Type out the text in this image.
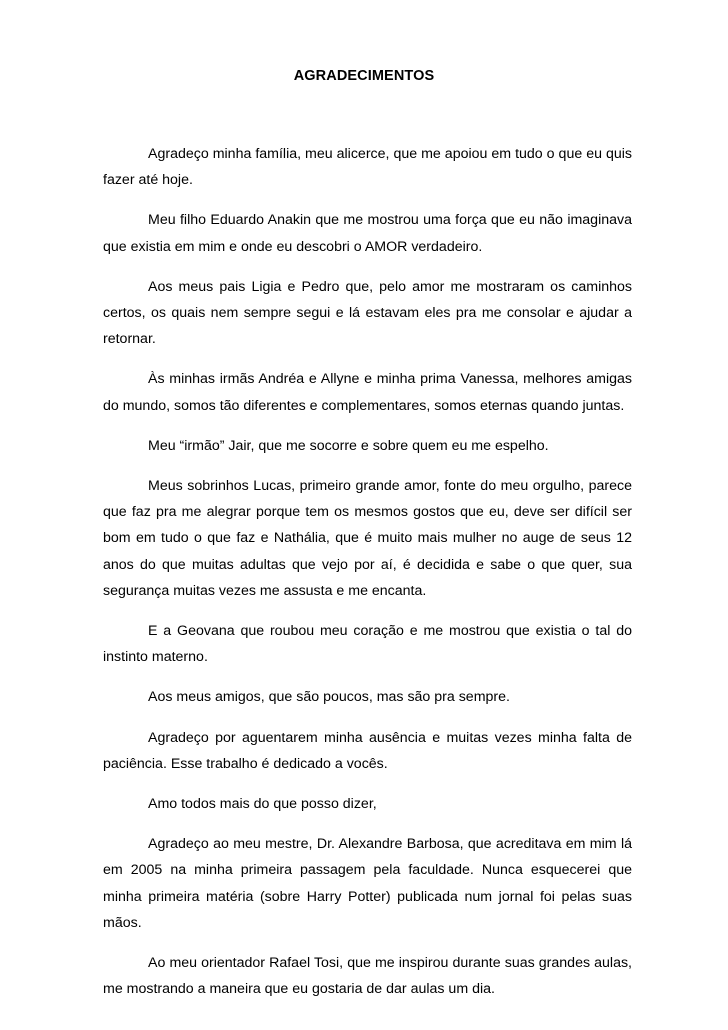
AGRADECIMENTOS

Agradeço minha família, meu alicerce, que me apoiou em tudo o que eu quis fazer até hoje.

Meu filho Eduardo Anakin que me mostrou uma força que eu não imaginava que existia em mim e onde eu descobri o AMOR verdadeiro.

Aos meus pais Ligia e Pedro que, pelo amor me mostraram os caminhos certos, os quais nem sempre segui e lá estavam eles pra me consolar e ajudar a retornar.

Às minhas irmãs Andréa e Allyne e minha prima Vanessa, melhores amigas do mundo, somos tão diferentes e complementares, somos eternas quando juntas.

Meu “irmão” Jair, que me socorre e sobre quem eu me espelho.

Meus sobrinhos Lucas, primeiro grande amor, fonte do meu orgulho, parece que faz pra me alegrar porque tem os mesmos gostos que eu, deve ser difícil ser bom em tudo o que faz e Nathália, que é muito mais mulher no auge de seus 12 anos do que muitas adultas que vejo por aí, é decidida e sabe o que quer, sua segurança muitas vezes me assusta e me encanta.

E a Geovana que roubou meu coração e me mostrou que existia o tal do instinto materno.

Aos meus amigos, que são poucos, mas são pra sempre.

Agradeço por aguentarem minha ausência e muitas vezes minha falta de paciência. Esse trabalho é dedicado a vocês.

Amo todos mais do que posso dizer,

Agradeço ao meu mestre, Dr. Alexandre Barbosa, que acreditava em mim lá em 2005 na minha primeira passagem pela faculdade. Nunca esquecerei que minha primeira matéria (sobre Harry Potter) publicada num jornal foi pelas suas mãos.

Ao meu orientador Rafael Tosi, que me inspirou durante suas grandes aulas, me mostrando a maneira que eu gostaria de dar aulas um dia.
